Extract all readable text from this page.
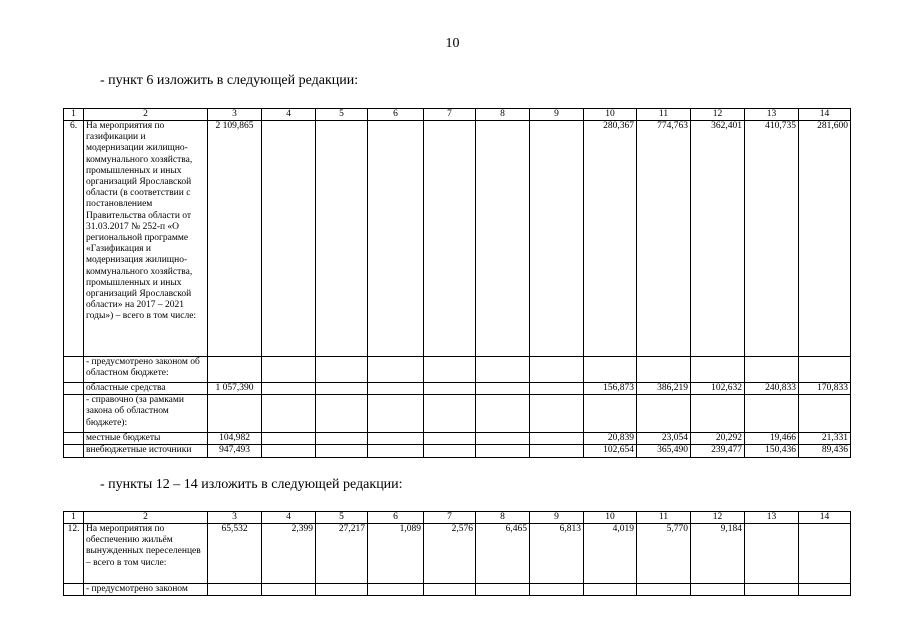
10
- пункт 6 изложить в следующей редакции:
1	2	3	4	5	6	7	8	9	10	11	12	13	14
6.	На мероприятия по газификации и модернизации жилищно-коммунального хозяйства, промышленных и иных организаций Ярославской области (в соответствии с постановлением Правительства области от 31.03.2017 № 252-п «О региональной программе «Газификация и модернизация жилищно-коммунального хозяйства, промышленных и иных организаций Ярославской области» на 2017 – 2021 годы») – всего в том числе:	2 109,865							280,367	774,763	362,401	410,735	281,600
	- предусмотрено законом об областном бюджете:												
	областные средства	1 057,390							156,873	386,219	102,632	240,833	170,833
	- справочно (за рамками закона об областном бюджете):												
	местные бюджеты	104,982							20,839	23,054	20,292	19,466	21,331
	внебюджетные источники	947,493							102,654	365,490	239,477	150,436	89,436
- пункты 12 – 14 изложить в следующей редакции:
1	2	3	4	5	6	7	8	9	10	11	12	13	14
12.	На мероприятия по обеспечению жильём вынужденных переселенцев – всего в том числе:	65,532	2,399	27,217	1,089	2,576	6,465	6,813	4,019	5,770	9,184		
	- предусмотрено законом												
